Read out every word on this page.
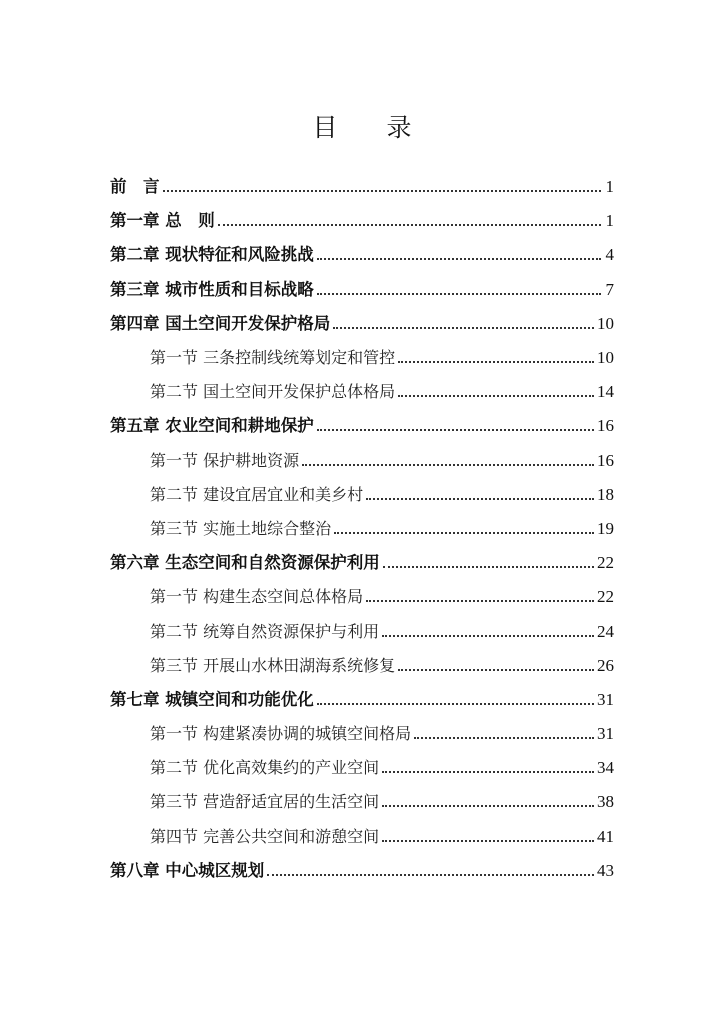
目　录
前　言	1
第一章 总　则	1
第二章 现状特征和风险挑战	4
第三章 城市性质和目标战略	7
第四章 国土空间开发保护格局	10
第一节 三条控制线统筹划定和管控	10
第二节 国土空间开发保护总体格局	14
第五章 农业空间和耕地保护	16
第一节 保护耕地资源	16
第二节 建设宜居宜业和美乡村	18
第三节 实施土地综合整治	19
第六章 生态空间和自然资源保护利用	22
第一节 构建生态空间总体格局	22
第二节 统筹自然资源保护与利用	24
第三节 开展山水林田湖海系统修复	26
第七章 城镇空间和功能优化	31
第一节 构建紧凑协调的城镇空间格局	31
第二节 优化高效集约的产业空间	34
第三节 营造舒适宜居的生活空间	38
第四节 完善公共空间和游憩空间	41
第八章 中心城区规划	43
